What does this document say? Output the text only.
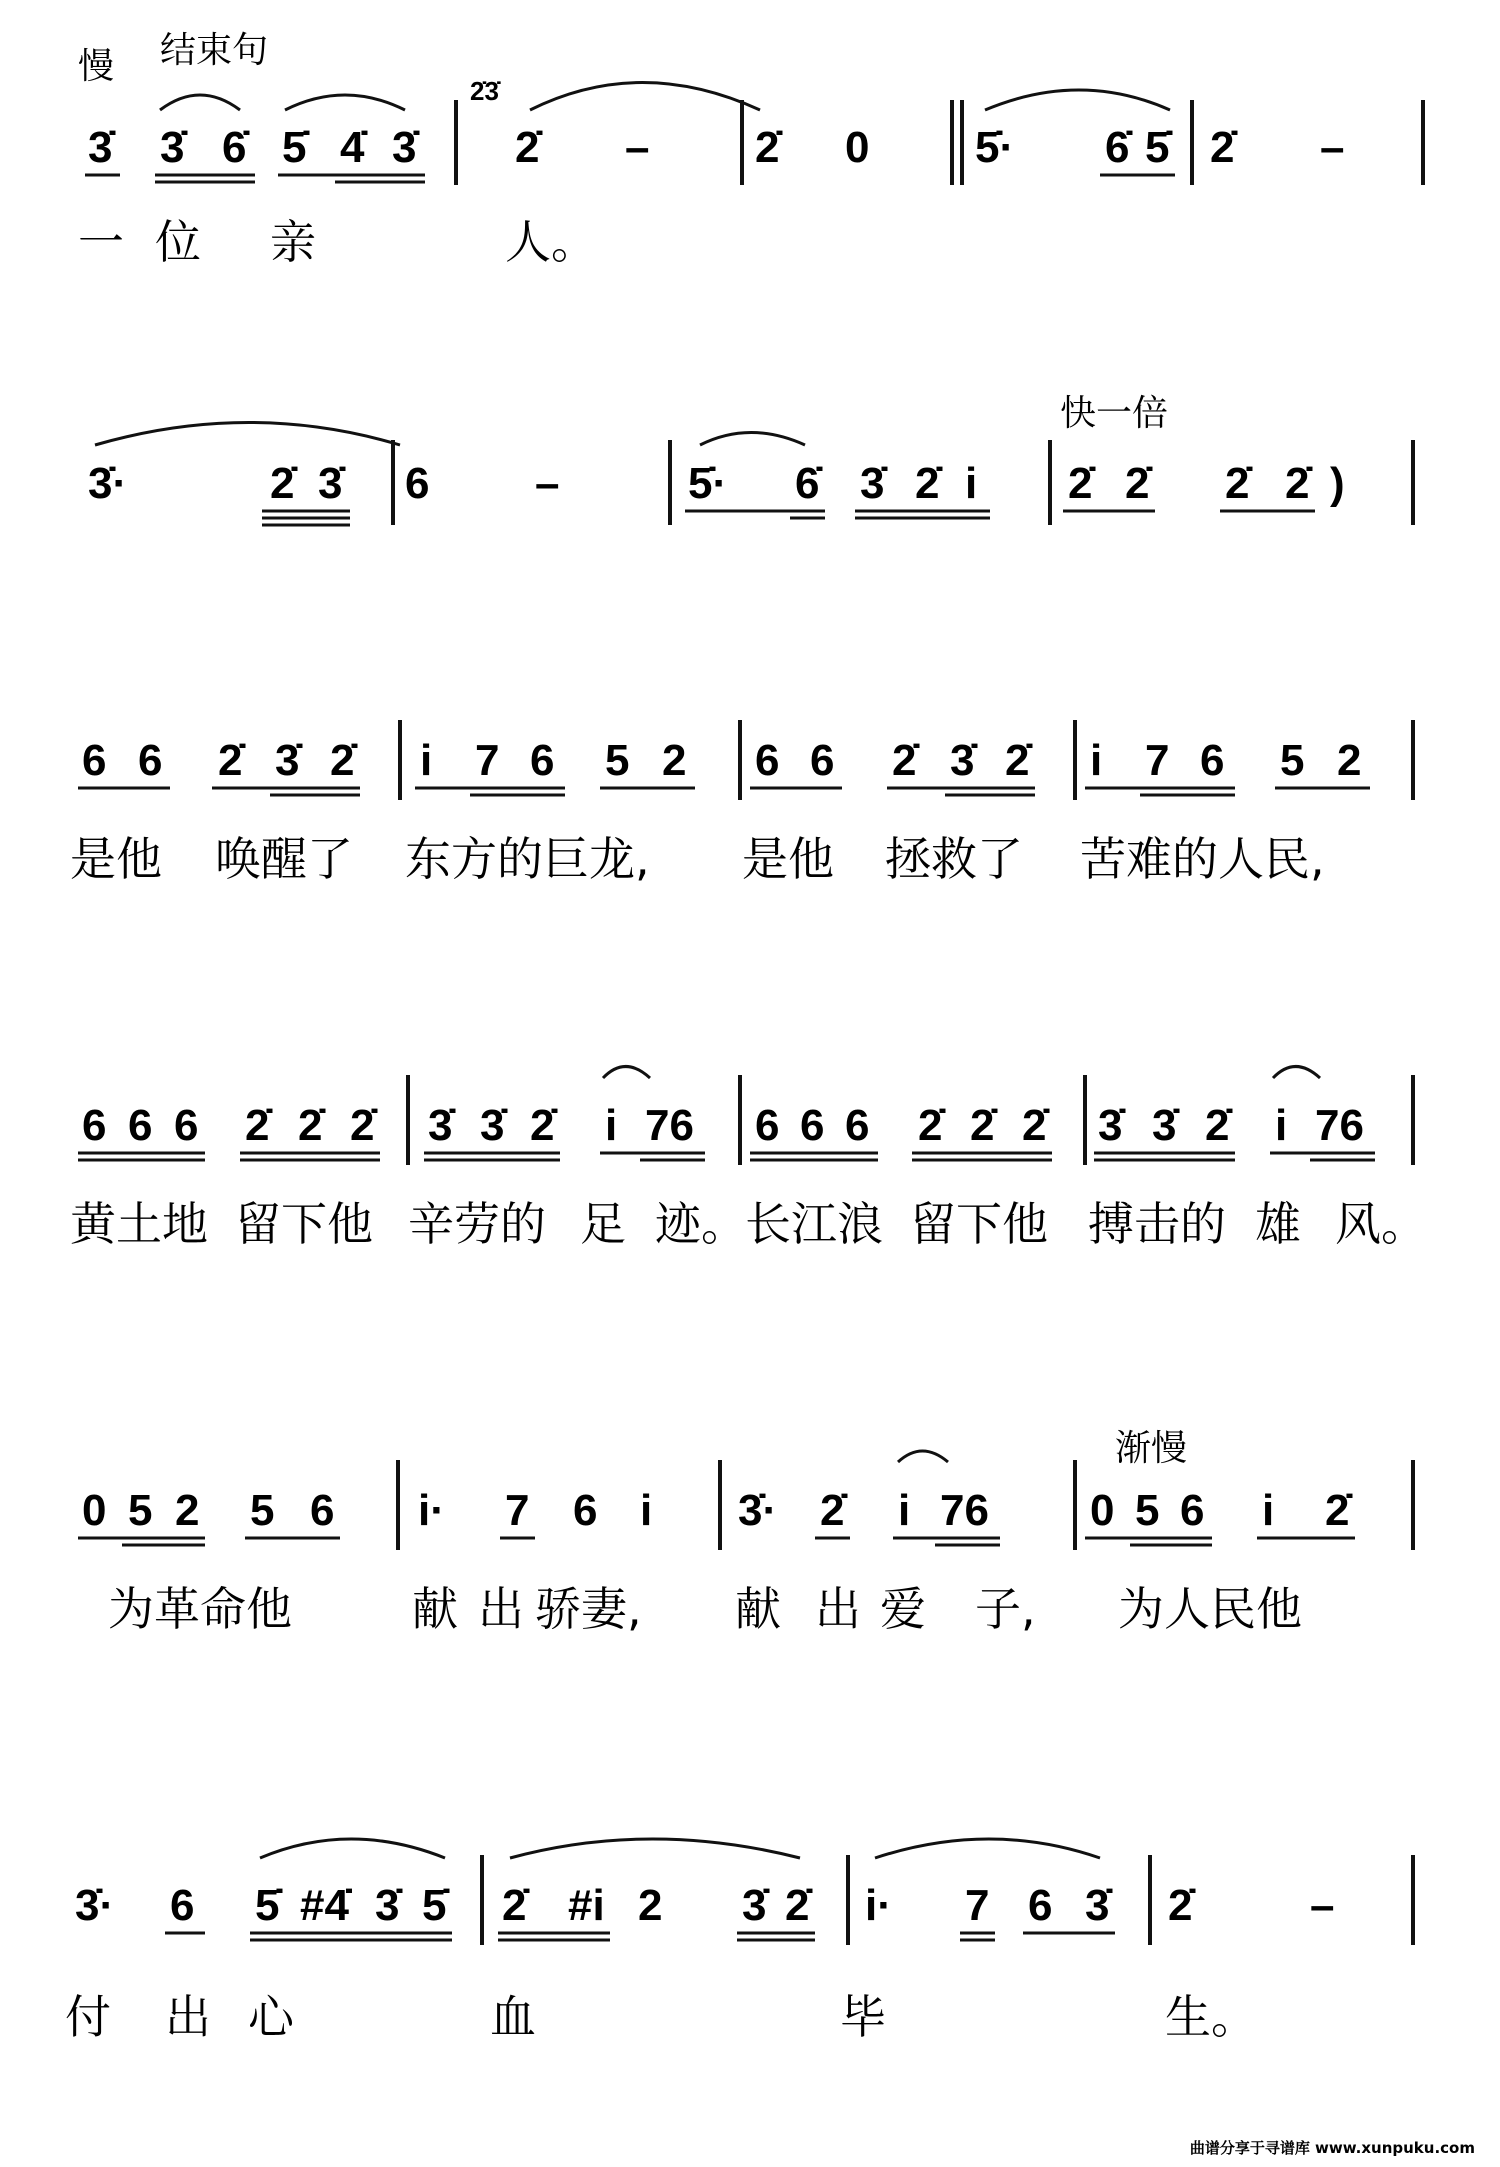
慢 结束句
3̇ 3̇ 6̇ 5̇ 4̇ 3̇
2̇3̇
2̇ – 2̇ 0 5̇· 6̇ 5̇ 2̇ –
一 位 亲	人。
快一倍
3̇·	2̇ 3̇ 6 –	5̇· 6̇ 3̇ 2̇ i 2̇ 2̇ 2̇ 2̇ )
6 6 2̇ 3̇ 2̇ i 7 6 5 2 6 6 2̇ 3̇ 2̇ i 7 6 5 2
是他 唤醒了 东方的巨龙, 是他 拯救了 苦难的人民,
6 6 6 2̇ 2̇ 2̇ 3̇ 3̇ 2̇ i 76 6 6 6 2̇ 2̇ 2̇ 3̇ 3̇ 2̇ i 76
黄土地 留下他 辛劳的 足 迹。
长江浪 留下他 搏击的 雄 风。
渐慢
0 5 2 5 6 i· 7 6 i 3̇· 2̇ i 76 0 5 6 i 2̇
为革命他	献 出 骄妻, 献 出 爱 子, 为人民他
3̇· 6 5̇ #4̇ 3̇ 5̇ 2̇ #i 2 3̇ 2̇ i· 7 6 3̇ 2̇	–
付 出 心	血	毕	生。
曲谱分享于寻谱库 www.xunpuku.com
